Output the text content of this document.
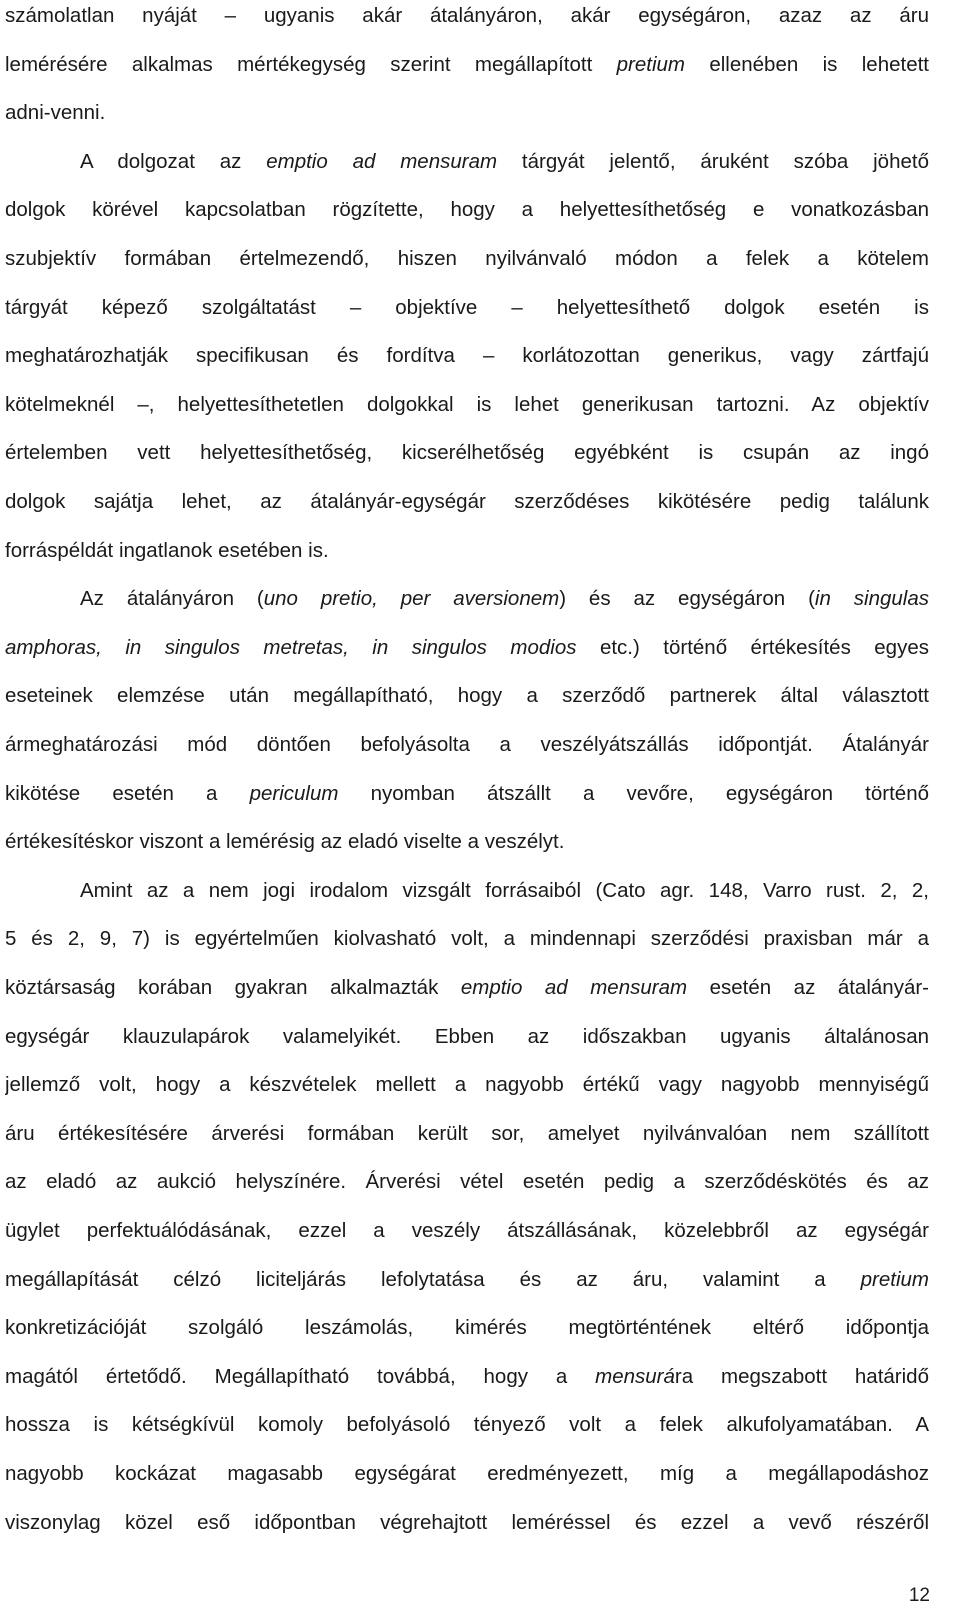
számolatlan nyáját – ugyanis akár átalányáron, akár egységáron, azaz az áru
lemérésére alkalmas mértékegység szerint megállapított pretium ellenében is lehetett
adni-venni.
A dolgozat az emptio ad mensuram tárgyát jelentő, áruként szóba jöhető
dolgok körével kapcsolatban rögzítette, hogy a helyettesíthetőség e vonatkozásban
szubjektív formában értelmezendő, hiszen nyilvánvaló módon a felek a kötelem
tárgyát képező szolgáltatást – objektíve – helyettesíthető dolgok esetén is
meghatározhatják specifikusan és fordítva – korlátozottan generikus, vagy zártfajú
kötelmeknél –, helyettesíthetetlen dolgokkal is lehet generikusan tartozni. Az objektív
értelemben vett helyettesíthetőség, kicserélhetőség egyébként is csupán az ingó
dolgok sajátja lehet, az átalányár-egységár szerződéses kikötésére pedig találunk
forráspéldát ingatlanok esetében is.
Az átalányáron (uno pretio, per aversionem) és az egységáron (in singulas
amphoras, in singulos metretas, in singulos modios etc.) történő értékesítés egyes
eseteinek elemzése után megállapítható, hogy a szerződő partnerek által választott
ármeghatározási mód döntően befolyásolta a veszélyátszállás időpontját. Átalányár
kikötése esetén a periculum nyomban átszállt a vevőre, egységáron történő
értékesítéskor viszont a lemérésig az eladó viselte a veszélyt.
Amint az a nem jogi irodalom vizsgált forrásaiból (Cato agr. 148, Varro rust. 2, 2,
5 és 2, 9, 7) is egyértelműen kiolvasható volt, a mindennapi szerződési praxisban már a
köztársaság korában gyakran alkalmazták emptio ad mensuram esetén az átalányár-
egységár klauzulapárok valamelyikét. Ebben az időszakban ugyanis általánosan
jellemző volt, hogy a készvételek mellett a nagyobb értékű vagy nagyobb mennyiségű
áru értékesítésére árverési formában került sor, amelyet nyilvánvalóan nem szállított
az eladó az aukció helyszínére. Árverési vétel esetén pedig a szerződéskötés és az
ügylet perfektuálódásának, ezzel a veszély átszállásának, közelebbről az egységár
megállapítását célzó liciteljárás lefolytatása és az áru, valamint a pretium
konkretizációját szolgáló leszámolás, kimérés megtörténtének eltérő időpontja
magától értetődő. Megállapítható továbbá, hogy a mensurára megszabott határidő
hossza is kétségkívül komoly befolyásoló tényező volt a felek alkufolyamatában. A
nagyobb kockázat magasabb egységárat eredményezett, míg a megállapodáshoz
viszonylag közel eső időpontban végrehajtott leméréssel és ezzel a vevő részéről
12
